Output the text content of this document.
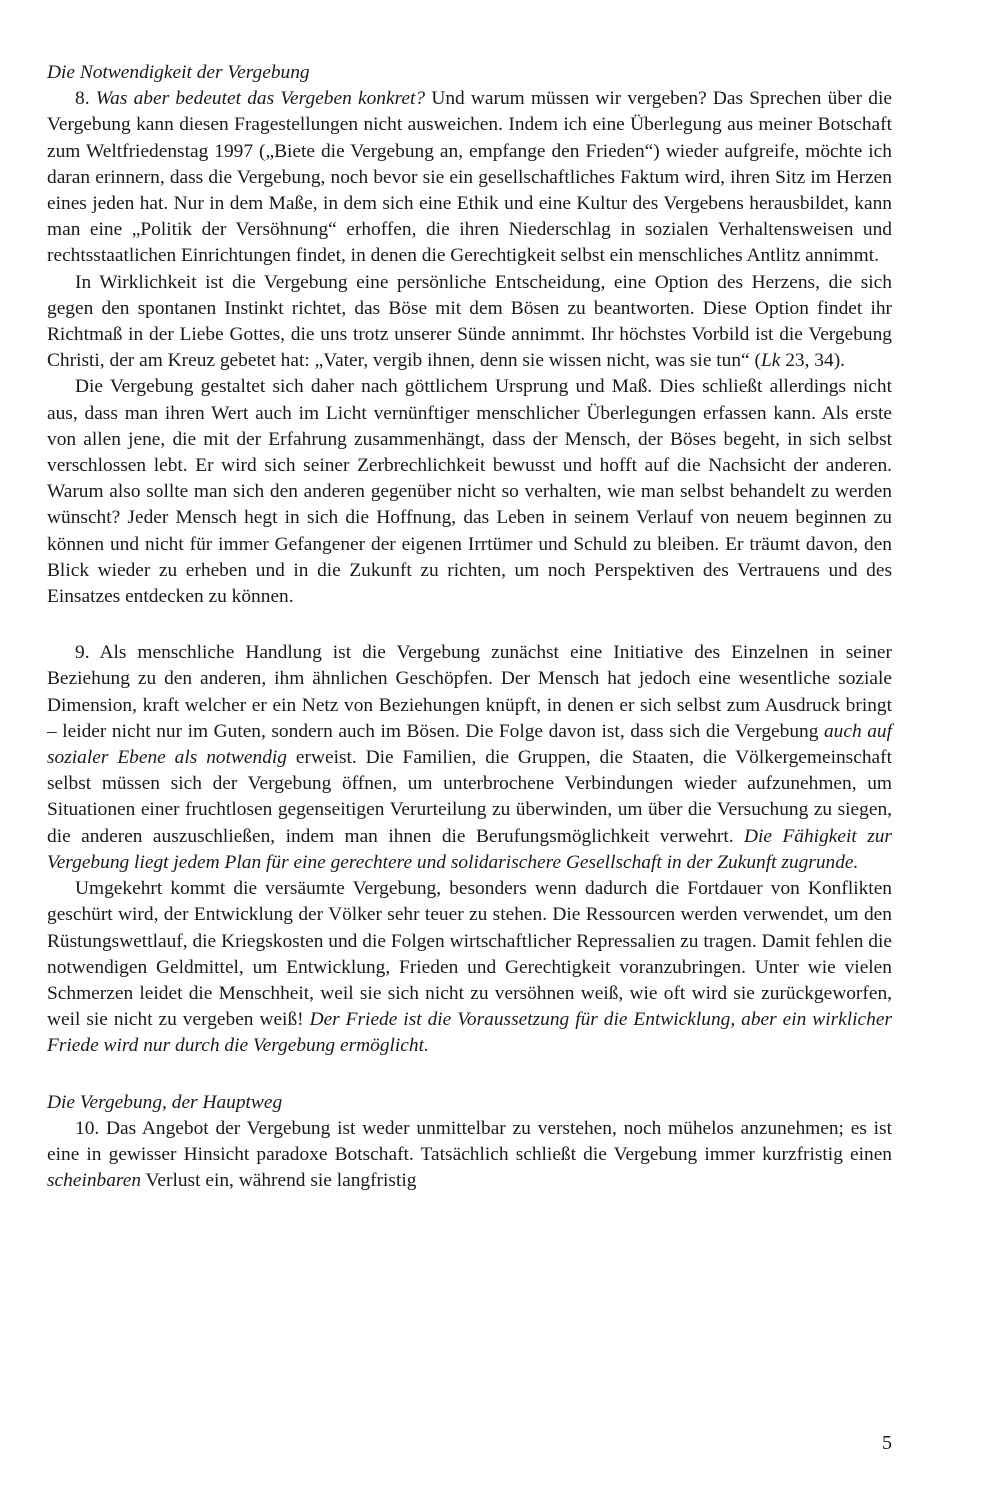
Die Notwendigkeit der Vergebung

8. Was aber bedeutet das Vergeben konkret? Und warum müssen wir vergeben? Das Sprechen über die Vergebung kann diesen Fragestellungen nicht ausweichen. Indem ich eine Überlegung aus meiner Botschaft zum Weltfriedenstag 1997 („Biete die Vergebung an, empfange den Frieden“) wieder aufgreife, möchte ich daran erinnern, dass die Vergebung, noch bevor sie ein gesellschaftliches Faktum wird, ihren Sitz im Herzen eines jeden hat. Nur in dem Maße, in dem sich eine Ethik und eine Kultur des Vergebens herausbildet, kann man eine „Politik der Versöhnung“ erhoffen, die ihren Niederschlag in sozialen Verhaltensweisen und rechtsstaatlichen Einrichtungen findet, in denen die Gerechtigkeit selbst ein menschliches Antlitz annimmt.

In Wirklichkeit ist die Vergebung eine persönliche Entscheidung, eine Option des Herzens, die sich gegen den spontanen Instinkt richtet, das Böse mit dem Bösen zu beantworten. Diese Option findet ihr Richtmaß in der Liebe Gottes, die uns trotz unserer Sünde annimmt. Ihr höchstes Vorbild ist die Vergebung Christi, der am Kreuz gebetet hat: „Vater, vergib ihnen, denn sie wissen nicht, was sie tun“ (Lk 23, 34).

Die Vergebung gestaltet sich daher nach göttlichem Ursprung und Maß. Dies schließt allerdings nicht aus, dass man ihren Wert auch im Licht vernünftiger menschlicher Überlegungen erfassen kann. Als erste von allen jene, die mit der Erfahrung zusammenhängt, dass der Mensch, der Böses begeht, in sich selbst verschlossen lebt. Er wird sich seiner Zerbrechlichkeit bewusst und hofft auf die Nachsicht der anderen. Warum also sollte man sich den anderen gegenüber nicht so verhalten, wie man selbst behandelt zu werden wünscht? Jeder Mensch hegt in sich die Hoffnung, das Leben in seinem Verlauf von neuem beginnen zu können und nicht für immer Gefangener der eigenen Irrtümer und Schuld zu bleiben. Er träumt davon, den Blick wieder zu erheben und in die Zukunft zu richten, um noch Perspektiven des Vertrauens und des Einsatzes entdecken zu können.

9. Als menschliche Handlung ist die Vergebung zunächst eine Initiative des Einzelnen in seiner Beziehung zu den anderen, ihm ähnlichen Geschöpfen. Der Mensch hat jedoch eine wesentliche soziale Dimension, kraft welcher er ein Netz von Beziehungen knüpft, in denen er sich selbst zum Ausdruck bringt – leider nicht nur im Guten, sondern auch im Bösen. Die Folge davon ist, dass sich die Vergebung auch auf sozialer Ebene als notwendig erweist. Die Familien, die Gruppen, die Staaten, die Völkergemeinschaft selbst müssen sich der Vergebung öffnen, um unterbrochene Verbindungen wieder aufzunehmen, um Situationen einer fruchtlosen gegenseitigen Verurteilung zu überwinden, um über die Versuchung zu siegen, die anderen auszuschließen, indem man ihnen die Berufungsmöglichkeit verwehrt. Die Fähigkeit zur Vergebung liegt jedem Plan für eine gerechtere und solidarischere Gesellschaft in der Zukunft zugrunde.

Umgekehrt kommt die versäumte Vergebung, besonders wenn dadurch die Fortdauer von Konflikten geschürt wird, der Entwicklung der Völker sehr teuer zu stehen. Die Ressourcen werden verwendet, um den Rüstungswettlauf, die Kriegskosten und die Folgen wirtschaftlicher Repressalien zu tragen. Damit fehlen die notwendigen Geldmittel, um Entwicklung, Frieden und Gerechtigkeit voranzubringen. Unter wie vielen Schmerzen leidet die Menschheit, weil sie sich nicht zu versöhnen weiß, wie oft wird sie zurückgeworfen, weil sie nicht zu vergeben weiß! Der Friede ist die Voraussetzung für die Entwicklung, aber ein wirklicher Friede wird nur durch die Vergebung ermöglicht.

Die Vergebung, der Hauptweg

10. Das Angebot der Vergebung ist weder unmittelbar zu verstehen, noch mühelos anzunehmen; es ist eine in gewisser Hinsicht paradoxe Botschaft. Tatsächlich schließt die Vergebung immer kurzfristig einen scheinbaren Verlust ein, während sie langfristig

5
